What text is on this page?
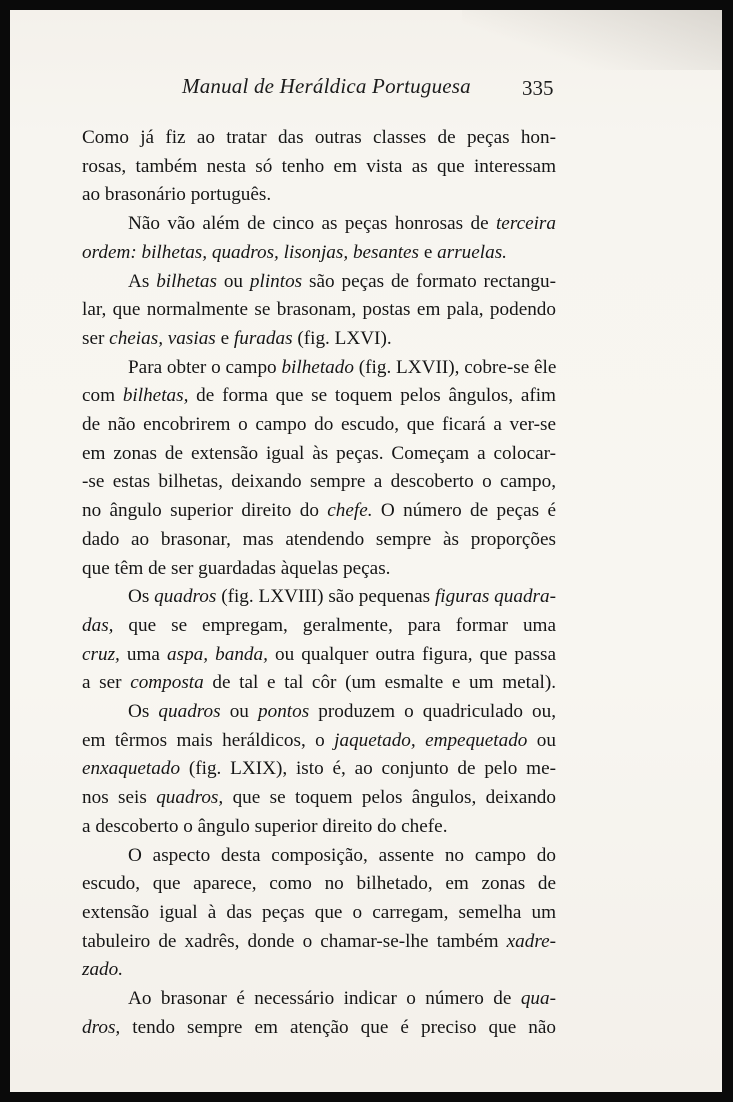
Manual de Heráldica Portuguesa 335
Como já fiz ao tratar das outras classes de peças hon-
rosas, também nesta só tenho em vista as que interessam
ao brasonário português.
Não vão além de cinco as peças honrosas de terceira
ordem: bilhetas, quadros, lisonjas, besantes e arruelas.
As bilhetas ou plintos são peças de formato rectangu-
lar, que normalmente se brasonam, postas em pala, podendo
ser cheias, vasias e furadas (fig. LXVI).
Para obter o campo bilhetado (fig. LXVII), cobre-se êle
com bilhetas, de forma que se toquem pelos ângulos, afim
de não encobrirem o campo do escudo, que ficará a ver-se
em zonas de extensão igual às peças. Começam a colocar-
-se estas bilhetas, deixando sempre a descoberto o campo,
no ângulo superior direito do chefe. O número de peças é
dado ao brasonar, mas atendendo sempre às proporções
que têm de ser guardadas àquelas peças.
Os quadros (fig. LXVIII) são pequenas figuras quadra-
das, que se empregam, geralmente, para formar uma
cruz, uma aspa, banda, ou qualquer outra figura, que passa
a ser composta de tal e tal côr (um esmalte e um metal).
Os quadros ou pontos produzem o quadriculado ou,
em têrmos mais heráldicos, o jaquetado, empequetado ou
enxaquetado (fig. LXIX), isto é, ao conjunto de pelo me-
nos seis quadros, que se toquem pelos ângulos, deixando
a descoberto o ângulo superior direito do chefe.
O aspecto desta composição, assente no campo do
escudo, que aparece, como no bilhetado, em zonas de
extensão igual à das peças que o carregam, semelha um
tabuleiro de xadrês, donde o chamar-se-lhe também xadre-
zado.
Ao brasonar é necessário indicar o número de qua-
dros, tendo sempre em atenção que é preciso que não
